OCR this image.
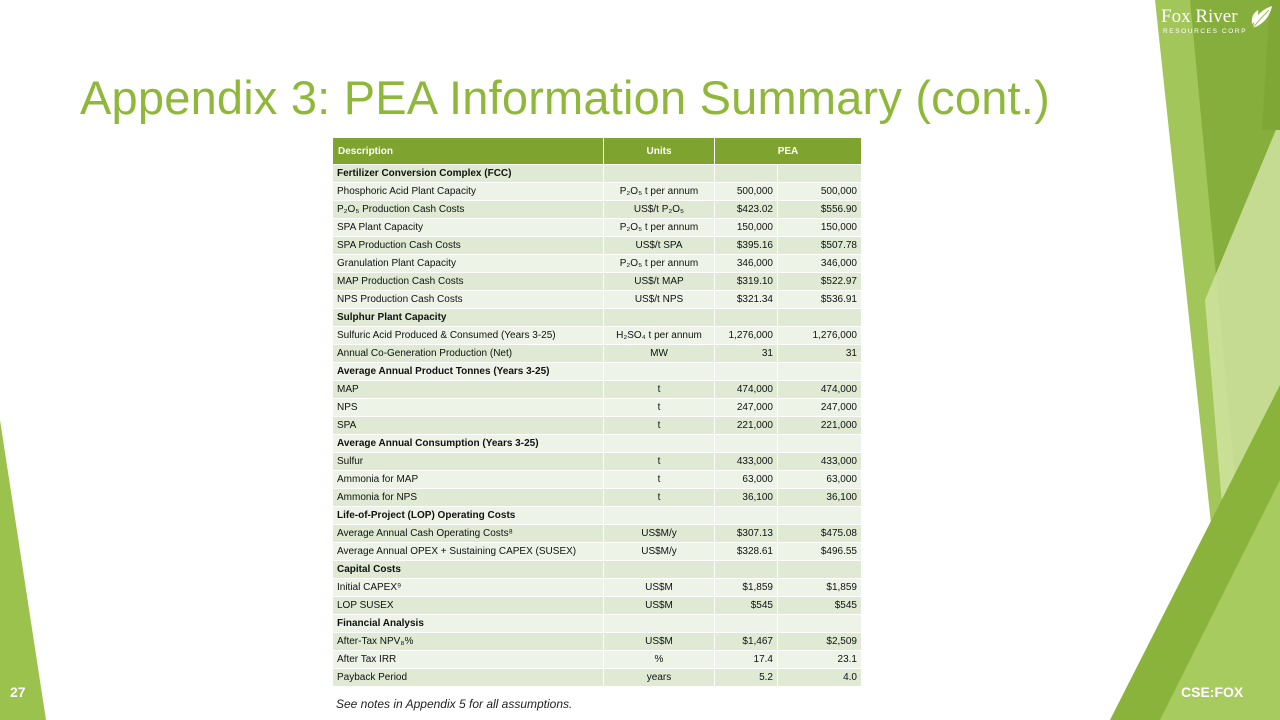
Fox River
RESOURCES CORP
Appendix 3: PEA Information Summary (cont.)
Description	Units	PEA	
Fertilizer Conversion Complex (FCC)			
Phosphoric Acid Plant Capacity	P₂O₅ t per annum	500,000	500,000
P₂O₅ Production Cash Costs	US$/t P₂O₅	$423.02	$556.90
SPA Plant Capacity	P₂O₅ t per annum	150,000	150,000
SPA Production Cash Costs	US$/t SPA	$395.16	$507.78
Granulation Plant Capacity	P₂O₅ t per annum	346,000	346,000
MAP Production Cash Costs	US$/t MAP	$319.10	$522.97
NPS Production Cash Costs	US$/t NPS	$321.34	$536.91
Sulphur Plant Capacity			
Sulfuric Acid Produced & Consumed (Years 3-25)	H₂SO₄ t per annum	1,276,000	1,276,000
Annual Co-Generation Production (Net)	MW	31	31
Average Annual Product Tonnes (Years 3-25)			
MAP	t	474,000	474,000
NPS	t	247,000	247,000
SPA	t	221,000	221,000
Average Annual Consumption (Years 3-25)			
Sulfur	t	433,000	433,000
Ammonia for MAP	t	63,000	63,000
Ammonia for NPS	t	36,100	36,100
Life-of-Project (LOP) Operating Costs			
Average Annual Cash Operating Costs⁸	US$M/y	$307.13	$475.08
Average Annual OPEX + Sustaining CAPEX (SUSEX)	US$M/y	$328.61	$496.55
Capital Costs			
Initial CAPEX⁹	US$M	$1,859	$1,859
LOP SUSEX	US$M	$545	$545
Financial Analysis			
After-Tax NPV₈%	US$M	$1,467	$2,509
After Tax IRR	%	17.4	23.1
Payback Period	years	5.2	4.0
See notes in Appendix 5 for all assumptions.
27	CSE:FOX
